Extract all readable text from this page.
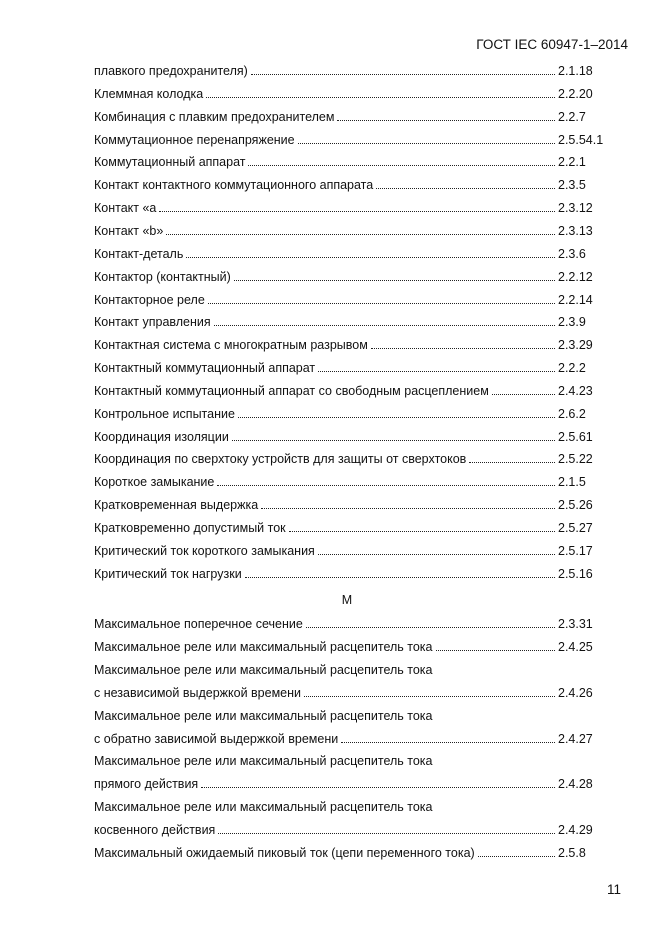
ГОСТ IEC 60947-1–2014
плавкого предохранителя)	2.1.18
Клеммная колодка	2.2.20
Комбинация с плавким предохранителем	2.2.7
Коммутационное перенапряжение	2.5.54.1
Коммутационный аппарат	2.2.1
Контакт контактного коммутационного аппарата	2.3.5
Контакт «а	2.3.12
Контакт «b»	2.3.13
Контакт-деталь	2.3.6
Контактор (контактный)	2.2.12
Контакторное реле	2.2.14
Контакт управления	2.3.9
Контактная система с многократным разрывом	2.3.29
Контактный коммутационный аппарат	2.2.2
Контактный коммутационный аппарат со свободным расцеплением	2.4.23
Контрольное испытание	2.6.2
Координация изоляции	2.5.61
Координация по сверхтоку устройств для защиты от сверхтоков	2.5.22
Короткое замыкание	2.1.5
Кратковременная выдержка	2.5.26
Кратковременно допустимый ток	2.5.27
Критический ток короткого замыкания	2.5.17
Критический ток нагрузки	2.5.16
М
Максимальное поперечное сечение	2.3.31
Максимальное реле или максимальный расцепитель тока	2.4.25
Максимальное реле или максимальный расцепитель тока
с независимой выдержкой времени	2.4.26
Максимальное реле или максимальный расцепитель тока
с обратно зависимой выдержкой времени	2.4.27
Максимальное реле или максимальный расцепитель тока
прямого действия	2.4.28
Максимальное реле или максимальный расцепитель тока
косвенного действия	2.4.29
Максимальный ожидаемый пиковый ток (цепи переменного тока)	2.5.8
11
